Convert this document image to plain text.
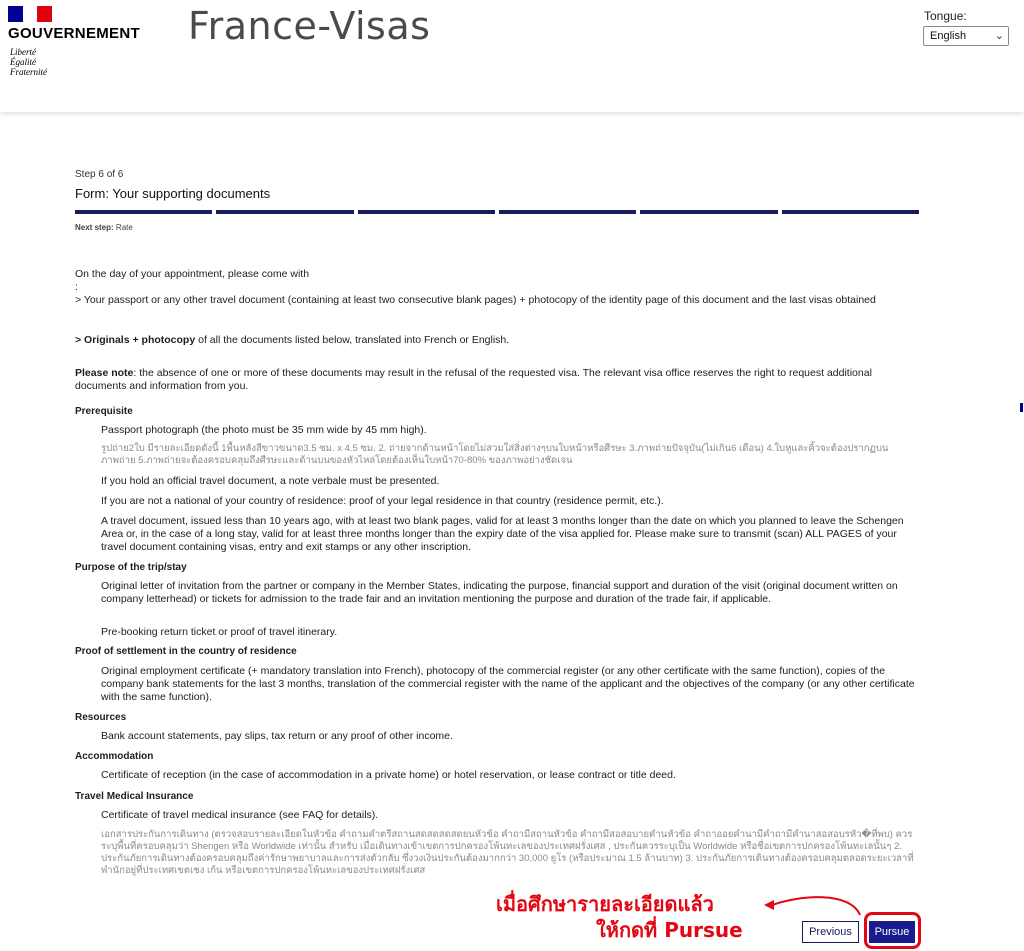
GOUVERNEMENT
Liberté
Égalité
Fraternité
France-Visas	Tongue:
English	⌄
Step 6 of 6
Form: Your supporting documents
Next step: Rate
On the day of your appointment, please come with
:
> Your passport or any other travel document (containing at least two consecutive blank pages) + photocopy of the identity page of this document and the last visas obtained
> Originals + photocopy of all the documents listed below, translated into French or English.
Please note: the absence of one or more of these documents may result in the refusal of the requested visa. The relevant visa office reserves the right to request additional documents and information from you.
Prerequisite
Passport photograph (the photo must be 35 mm wide by 45 mm high).
รูปถ่าย2ใบ มีรายละเอียดดังนี้ 1พื้นหลังสีขาวขนาด3.5 ซม. x 4.5 ซม. 2. ถ่ายจากด้านหน้าโดยไม่สวมใส่สิ่งต่างๆบนใบหน้าหรือศีรษะ 3.ภาพถ่ายปัจจุบัน(ไม่เกิน6 เดือน) 4.ใบหูและคิ้วจะต้องปรากฏบนภาพถ่าย 5.ภาพถ่ายจะต้องครอบคลุมถึงศีรษะและด้านบนของหัวไหล่โดยต้องเห็นใบหน้า70-80% ของภาพอย่างชัดเจน
If you hold an official travel document, a note verbale must be presented.
If you are not a national of your country of residence: proof of your legal residence in that country (residence permit, etc.).
A travel document, issued less than 10 years ago, with at least two blank pages, valid for at least 3 months longer than the date on which you planned to leave the Schengen Area or, in the case of a long stay, valid for at least three months longer than the expiry date of the visa applied for. Please make sure to transmit (scan) ALL PAGES of your travel document containing visas, entry and exit stamps or any other inscription.
Purpose of the trip/stay
Original letter of invitation from the partner or company in the Member States, indicating the purpose, financial support and duration of the visit (original document written on company letterhead) or tickets for admission to the trade fair and an invitation mentioning the purpose and duration of the trade fair, if applicable.
Pre-booking return ticket or proof of travel itinerary.
Proof of settlement in the country of residence
Original employment certificate (+ mandatory translation into French), photocopy of the commercial register (or any other certificate with the same function), copies of the company bank statements for the last 3 months, translation of the commercial register with the name of the applicant and the objectives of the company (or any other certificate with the same function).
Resources
Bank account statements, pay slips, tax return or any proof of other income.
Accommodation
Certificate of reception (in the case of accommodation in a private home) or hotel reservation, or lease contract or title deed.
Travel Medical Insurance
Certificate of travel medical insurance (see FAQ for details).
เอกสารประกันการเดินทาง (ตรวจสอบรายละเอียดในหัวข้อ คำถามคำตรีสถานสดสดสดสดยนหัวข้อ คำถามีสถานหัวข้อ คำถามีสอสอบายคำนหัวข้อ คำถาออยคำนามีคำถามีคำนาสอสอบรหัว�ที่พบ) ควรระบุพื้นที่ครอบคลุมว่า Shengen หรือ Worldwide เท่านั้น สำหรับ เมื่อเดินทางเข้าเขตการปกครองโพ้นทะเลของประเทศฝรั่งเศส , ประกันควรระบุเป็น Worldwide หรือชื่อเขตการปกครองโพ้นทะเลนั้นๆ 2. ประกันภัยการเดินทางต้องครอบคลุมถึงค่ารักษาพยาบาลและการส่งตัวกลับ ซึ่งวงเงินประกันต้องมากกว่า 30,000 ยูโร (หรือประมาณ 1.5 ล้านบาท) 3. ประกันภัยการเดินทางต้องครอบคลุมตลอดระยะเวลาที่พำนักอยู่ที่ประเทศเขตเชง เก้น หรือเขตการปกครองโพ้นทะเลของประเทศฝรั่งเศส
เมื่อศึกษารายละเอียดแล้ว
ให้กดที่ Pursue	Previous	Pursue
